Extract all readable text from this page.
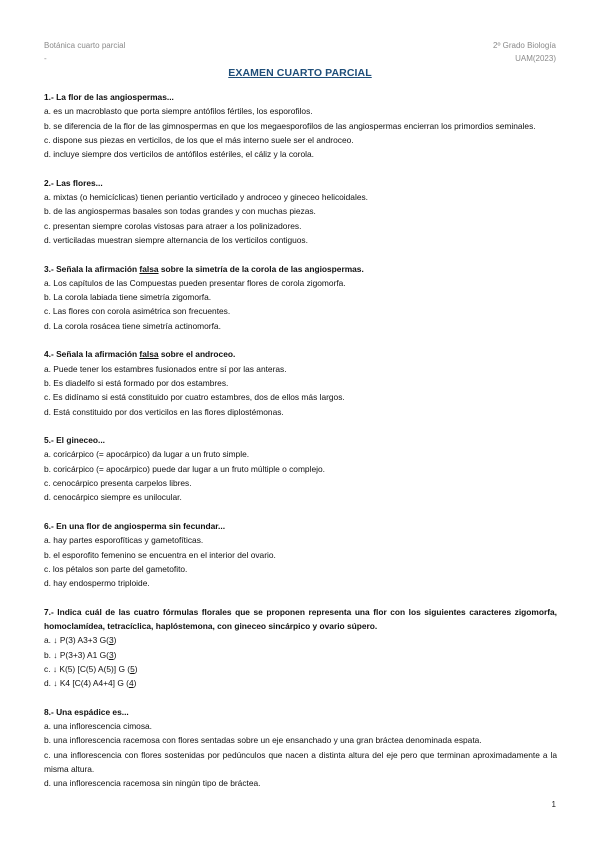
Botánica cuarto parcial
-
2º Grado Biología
UAM(2023)
EXAMEN CUARTO PARCIAL
1.- La flor de las angiospermas...
a. es un macroblasto que porta siempre antófilos fértiles, los esporofilos.
b. se diferencia de la flor de las gimnospermas en que los megaesporofilos de las angiospermas encierran los primordios seminales.
c. dispone sus piezas en verticilos, de los que el más interno suele ser el androceo.
d. incluye siempre dos verticilos de antófilos estériles, el cáliz y la corola.
2.- Las flores...
a. mixtas (o hemicíclicas) tienen periantio verticilado y androceo y gineceo helicoidales.
b. de las angiospermas basales son todas grandes y con muchas piezas.
c. presentan siempre corolas vistosas para atraer a los polinizadores.
d. verticiladas muestran siempre alternancia de los verticilos contiguos.
3.- Señala la afirmación falsa sobre la simetría de la corola de las angiospermas.
a. Los capítulos de las Compuestas pueden presentar flores de corola zigomorfa.
b. La corola labiada tiene simetría zigomorfa.
c. Las flores con corola asimétrica son frecuentes.
d. La corola rosácea tiene simetría actinomorfa.
4.- Señala la afirmación falsa sobre el androceo.
a. Puede tener los estambres fusionados entre sí por las anteras.
b. Es diadelfo si está formado por dos estambres.
c. Es didínamo si está constituido por cuatro estambres, dos de ellos más largos.
d. Está constituido por dos verticilos en las flores diplostémonas.
5.- El gineceo...
a. coricárpico (= apocárpico) da lugar a un fruto simple.
b. coricárpico (= apocárpico) puede dar lugar a un fruto múltiple o complejo.
c. cenocárpico presenta carpelos libres.
d. cenocárpico siempre es unilocular.
6.- En una flor de angiosperma sin fecundar...
a. hay partes esporofíticas y gametofíticas.
b. el esporofito femenino se encuentra en el interior del ovario.
c. los pétalos son parte del gametofito.
d. hay endospermo triploide.
7.- Indica cuál de las cuatro fórmulas florales que se proponen representa una flor con los siguientes caracteres zigomorfa, homoclamídea, tetracíclica, haplóstemona, con gineceo sincárpico y ovario súpero.
a. ↓ P(3) A3+3 G(3)
b. ↓ P(3+3) A1 G(3)
c. ↓ K(5) [C(5) A(5)] G (5)
d. ↓ K4 [C(4) A4+4] G (4)
8.- Una espádice es...
a. una inflorescencia cimosa.
b. una inflorescencia racemosa con flores sentadas sobre un eje ensanchado y una gran bráctea denominada espata.
c. una inflorescencia con flores sostenidas por pedúnculos que nacen a distinta altura del eje pero que terminan aproximadamente a la misma altura.
d. una inflorescencia racemosa sin ningún tipo de bráctea.
1
